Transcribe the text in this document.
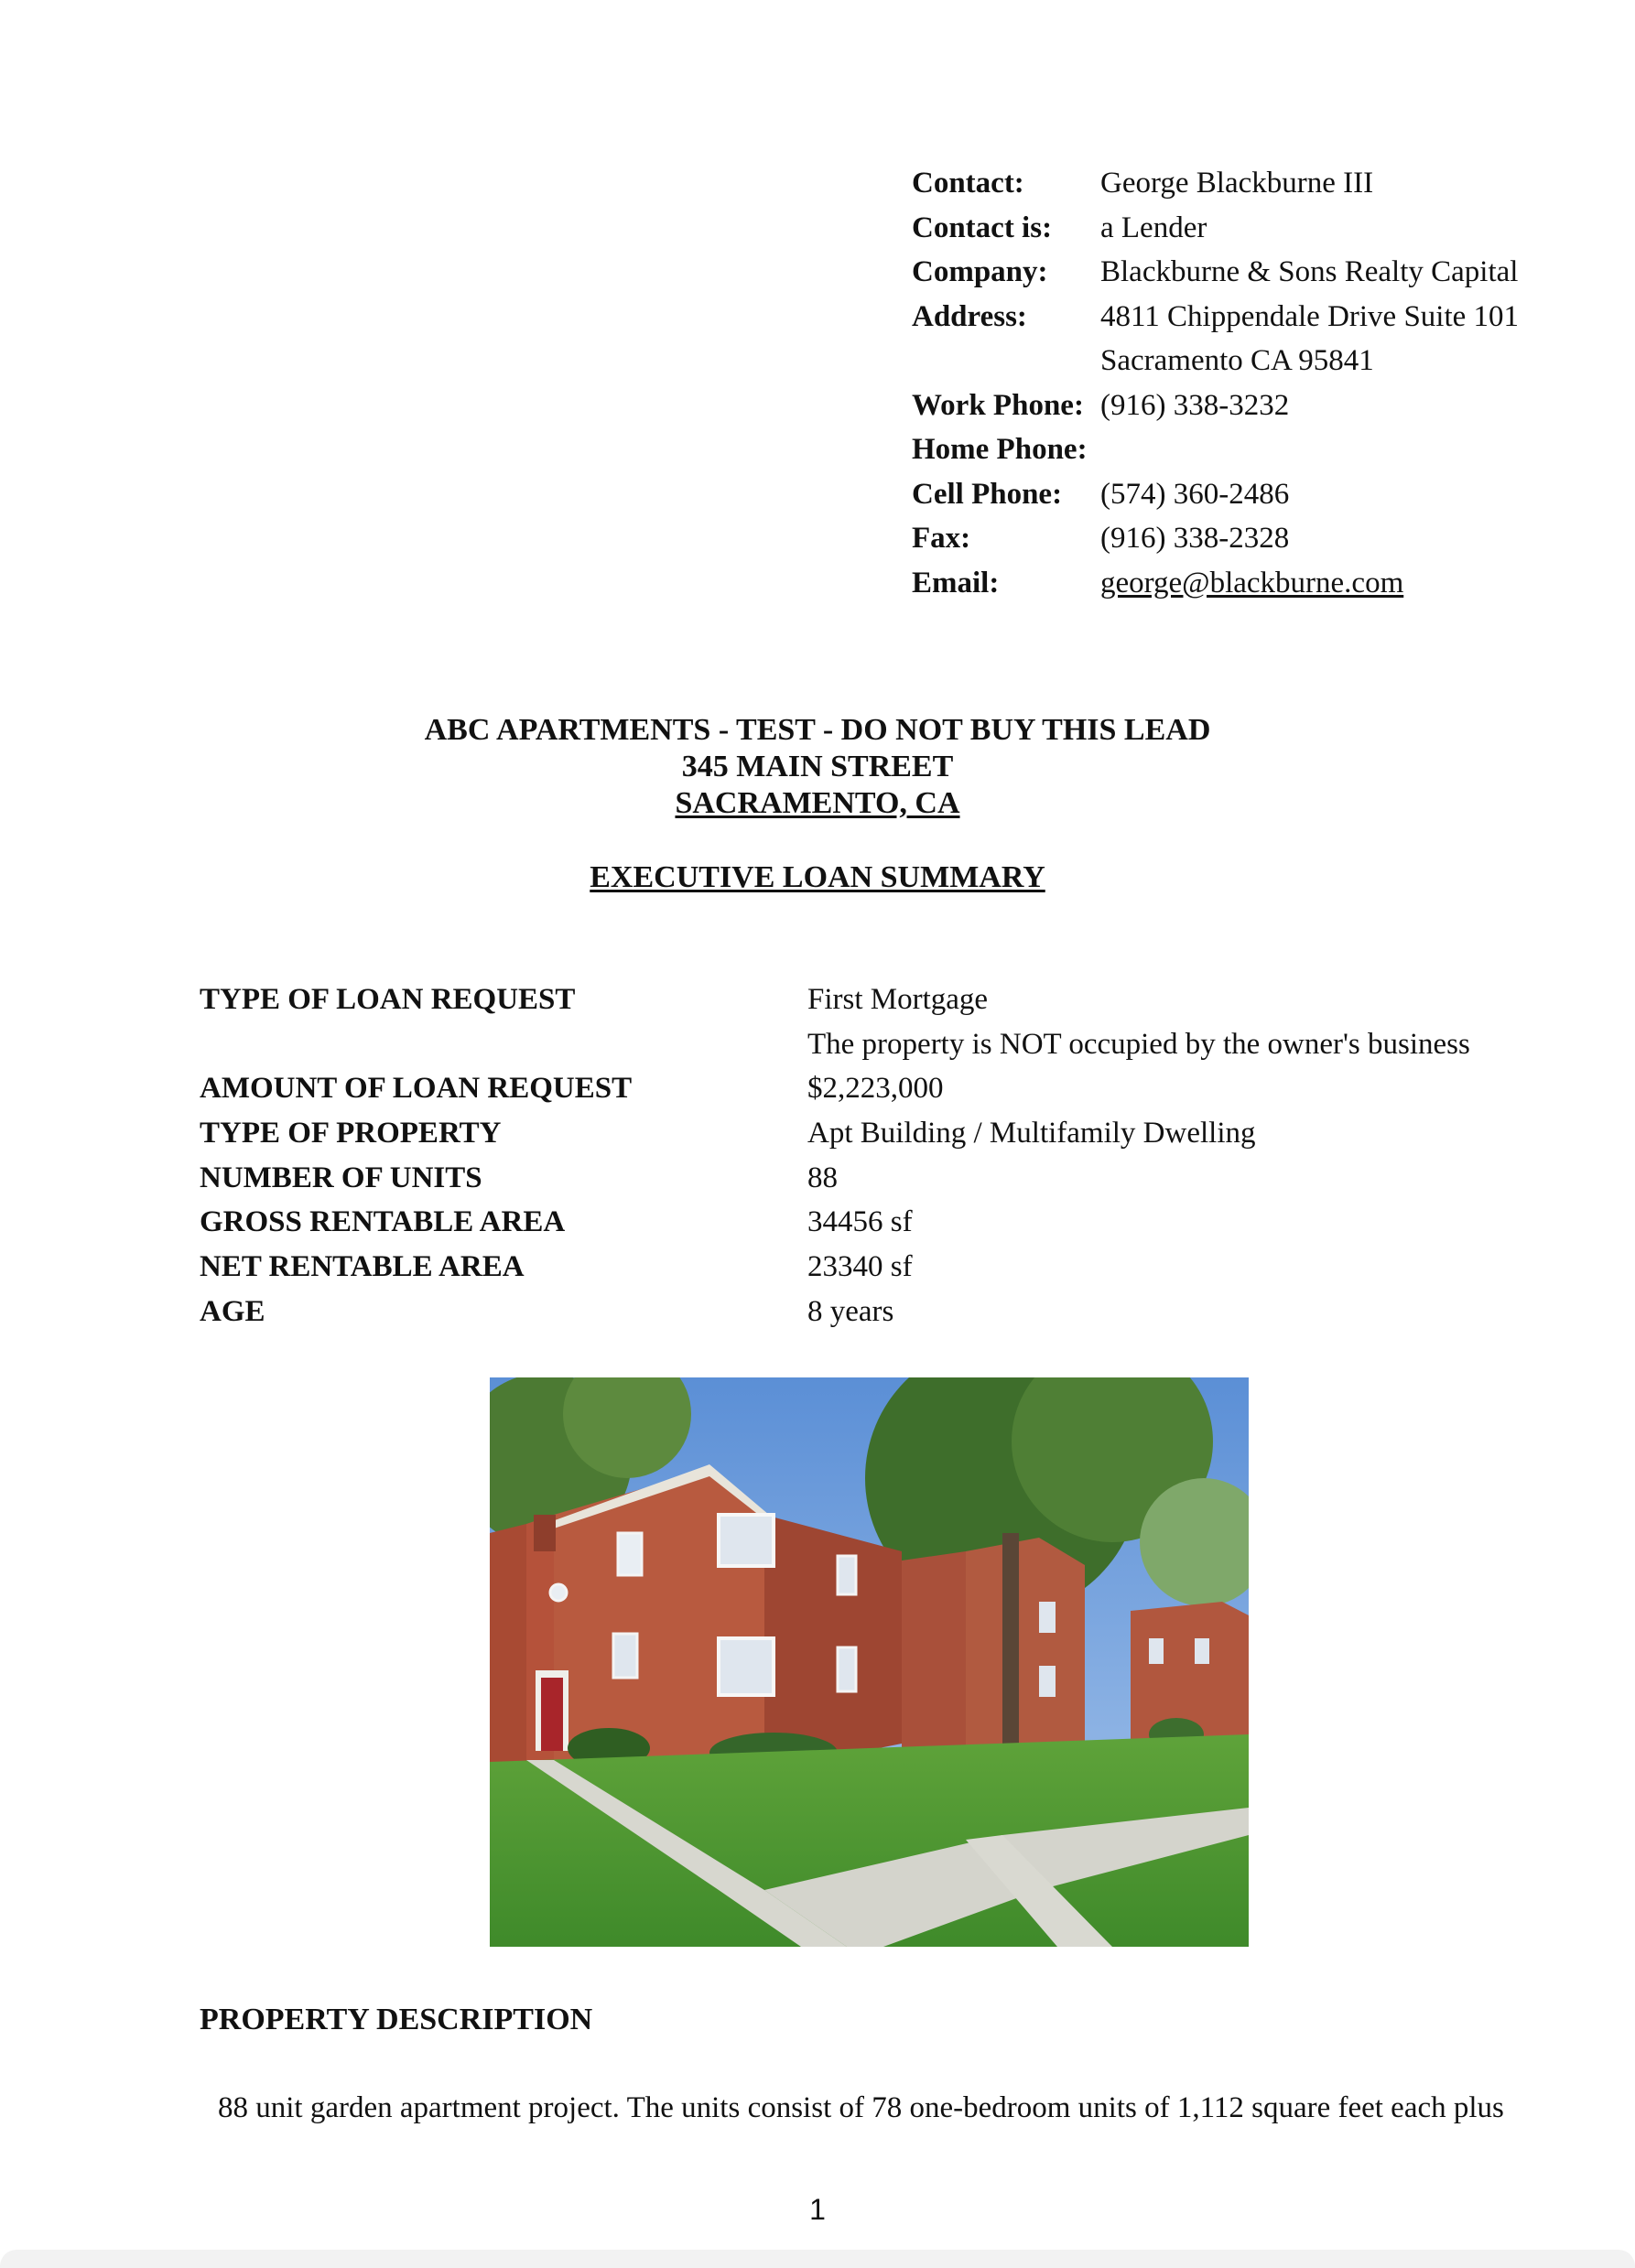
Contact:	George Blackburne III
Contact is:	a Lender
Company:	Blackburne & Sons Realty Capital
Address:	4811 Chippendale Drive Suite 101
Sacramento CA 95841
Work Phone: (916) 338-3232
Home Phone:
Cell Phone:	(574) 360-2486
Fax:	(916) 338-2328
Email:	george@blackburne.com
ABC APARTMENTS - TEST - DO NOT BUY THIS LEAD
345 MAIN STREET
SACRAMENTO, CA
EXECUTIVE LOAN SUMMARY
TYPE OF LOAN REQUEST	First Mortgage
The property is NOT occupied by the owner's business
AMOUNT OF LOAN REQUEST	$2,223,000
TYPE OF PROPERTY	Apt Building / Multifamily Dwelling
NUMBER OF UNITS	88
GROSS RENTABLE AREA	34456 sf
NET RENTABLE AREA	23340 sf
AGE	8 years
PROPERTY DESCRIPTION
88 unit garden apartment project. The units consist of 78 one-bedroom units of 1,112 square feet each plus
1
